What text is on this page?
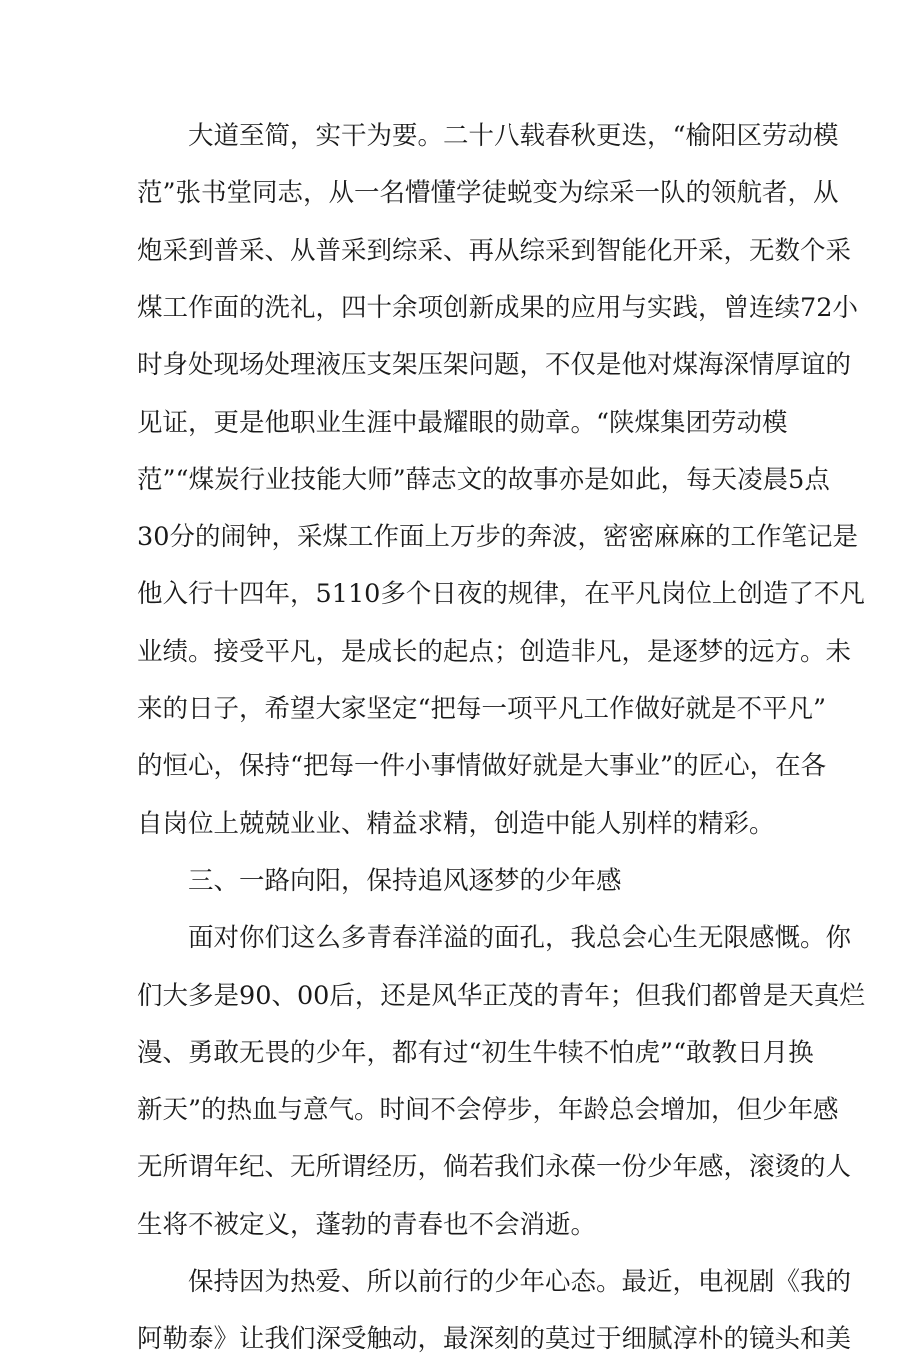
大道至简，实干为要。二十八载春秋更迭，“榆阳区劳动模
范”张书堂同志，从一名懵懂学徒蜕变为综采一队的领航者，从
炮采到普采、从普采到综采、再从综采到智能化开采，无数个采
煤工作面的洗礼，四十余项创新成果的应用与实践，曾连续72小
时身处现场处理液压支架压架问题，不仅是他对煤海深情厚谊的
见证，更是他职业生涯中最耀眼的勋章。“陕煤集团劳动模
范”“煤炭行业技能大师”薛志文的故事亦是如此，每天凌晨5点
30分的闹钟，采煤工作面上万步的奔波，密密麻麻的工作笔记是
他入行十四年，5110多个日夜的规律，在平凡岗位上创造了不凡
业绩。接受平凡，是成长的起点；创造非凡，是逐梦的远方。未
来的日子，希望大家坚定“把每一项平凡工作做好就是不平凡”
的恒心，保持“把每一件小事情做好就是大事业”的匠心，在各
自岗位上兢兢业业、精益求精，创造中能人别样的精彩。
三、一路向阳，保持追风逐梦的少年感
面对你们这么多青春洋溢的面孔，我总会心生无限感慨。你
们大多是90、00后，还是风华正茂的青年；但我们都曾是天真烂
漫、勇敢无畏的少年，都有过“初生牛犊不怕虎”“敢教日月换
新天”的热血与意气。时间不会停步，年龄总会增加，但少年感
无所谓年纪、无所谓经历，倘若我们永葆一份少年感，滚烫的人
生将不被定义，蓬勃的青春也不会消逝。
保持因为热爱、所以前行的少年心态。最近，电视剧《我的
阿勒泰》让我们深受触动，最深刻的莫过于细腻淳朴的镜头和美
